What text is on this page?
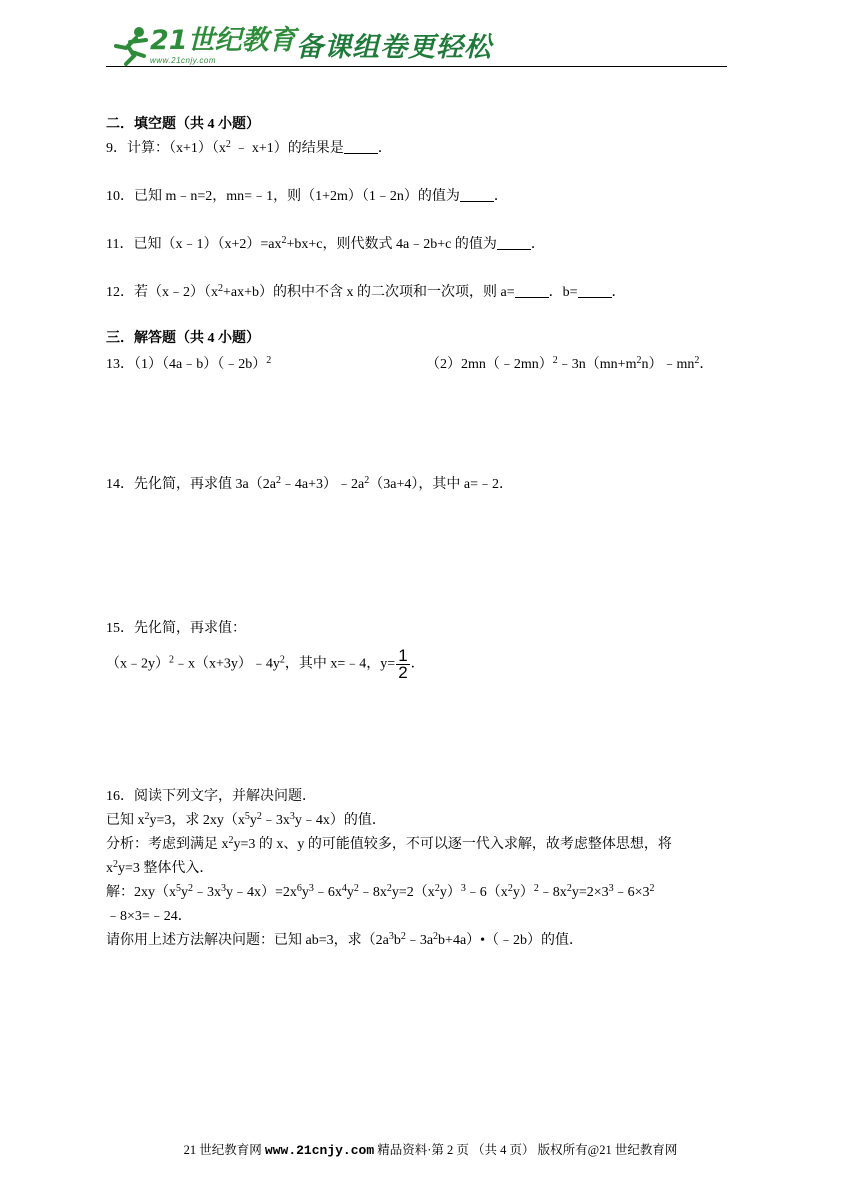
21世纪教育
www.21cnjy.com	备课组卷更轻松
二．填空题（共 4 小题）
9．计算：$(x+1)(x^2$ ﹣ x+1）的结果是 ．
10．已知 m﹣n=2，mn=﹣1，则（1+2m）（1﹣2n）的值为 ．
11．已知$(x﹣1)(x+2)=ax^2+bx+c$，则代数式 4a﹣2b+c 的值为 ．
12．若$(x﹣2)(x^2+ax+b)$的积中不含 x 的二次项和一次项，则 a= ．b= ．
三．解答题（共 4 小题）
13．（1）（4a﹣b）（﹣2b）$^2$	$(2)2mn(﹣2mn)^2﹣3n(mn+m^2n)﹣mn^2$．
14．先化简，再求值 $3a(2a^2﹣4a+3)﹣2a^2(3a+4)$，其中 a=﹣2．
15．先化简，再求值：
$(x﹣2y)^2﹣x(x+3y)﹣4y^2$，其中 x=﹣4，$y= \frac{1}{2}$ ．
16．阅读下列文字，并解决问题．
已知 $x^2y=3$，求 $2xy(x^5y^2﹣3x^3y﹣4x)$的值．
分析：考虑到满足 $x^2y=3$ 的 x、y 的可能值较多，不可以逐一代入求解，故考虑整体思想，将
$x^2y=3$ 整体代入．
解：$2xy(x^5y^2﹣3x^3y﹣4x)=2x^6y^3﹣6x^4y^2﹣8x^2y=2(x^2y)^3﹣6(x^2y)^2﹣8x^2y=2\times 3^3﹣6\times 3^2$
﹣8×3=﹣24．
请你用上述方法解决问题：已知 ab=3，求$(2a^3b^2﹣3a^2b+4a)•(﹣2b)$的值．
21 世纪教育网 www.21cnjy.com 精品资料·第 2 页 （共 4 页） 版权所有@21 世纪教育网
